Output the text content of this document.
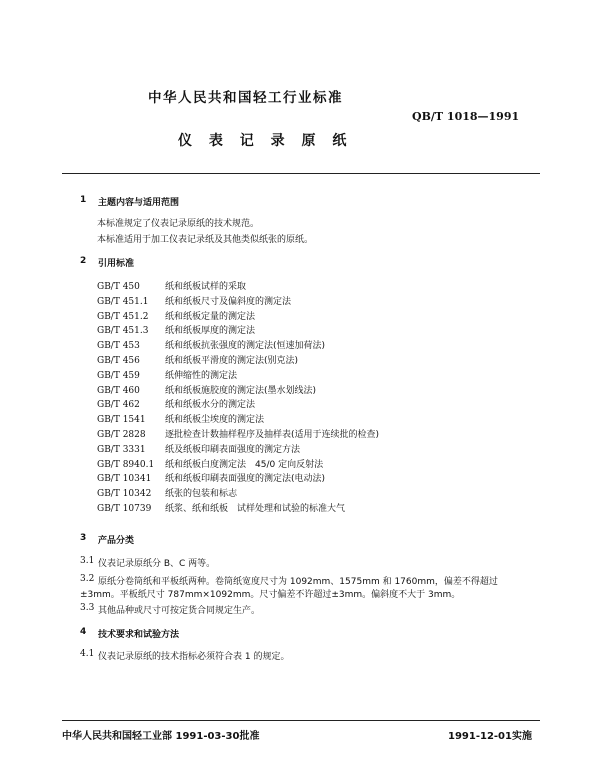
中华人民共和国轻工行业标准
QB/T 1018—1991
仪 表 记 录 原 纸
1 主题内容与适用范围
本标准规定了仪表记录原纸的技术规范。
本标准适用于加工仪表记录纸及其他类似纸张的原纸。
2 引用标准
GB/T 450	纸和纸板试样的采取
GB/T 451.1 纸和纸板尺寸及偏斜度的测定法
GB/T 451.2 纸和纸板定量的测定法
GB/T 451.3 纸和纸板厚度的测定法
GB/T 453	纸和纸板抗张强度的测定法(恒速加荷法)
GB/T 456	纸和纸板平滑度的测定法(别克法)
GB/T 459	纸伸缩性的测定法
GB/T 460	纸和纸板施胶度的测定法(墨水划线法)
GB/T 462	纸和纸板水分的测定法
GB/T 1541 纸和纸板尘埃度的测定法
GB/T 2828 逐批检查计数抽样程序及抽样表(适用于连续批的检查)
GB/T 3331 纸及纸板印刷表面强度的测定方法
GB/T 8940.1 纸和纸板白度测定法　45/0 定向反射法
GB/T 10341 纸和纸板印刷表面强度的测定法(电动法)
GB/T 10342 纸张的包装和标志
GB/T 10739 纸浆、纸和纸板　试样处理和试验的标准大气
3 产品分类
3.1 仪表记录原纸分 B、C 两等。
3.2 原纸分卷筒纸和平板纸两种。卷筒纸宽度尺寸为 1092mm、1575mm 和 1760mm，偏差不得超过
±3mm。平板纸尺寸 787mm×1092mm。尺寸偏差不许超过±3mm。偏斜度不大于 3mm。
3.3 其他品种或尺寸可按定货合同规定生产。
4 技术要求和试验方法
4.1 仪表记录原纸的技术指标必须符合表 1 的规定。
中华人民共和国轻工业部 1991-03-30批准	1991-12-01实施
